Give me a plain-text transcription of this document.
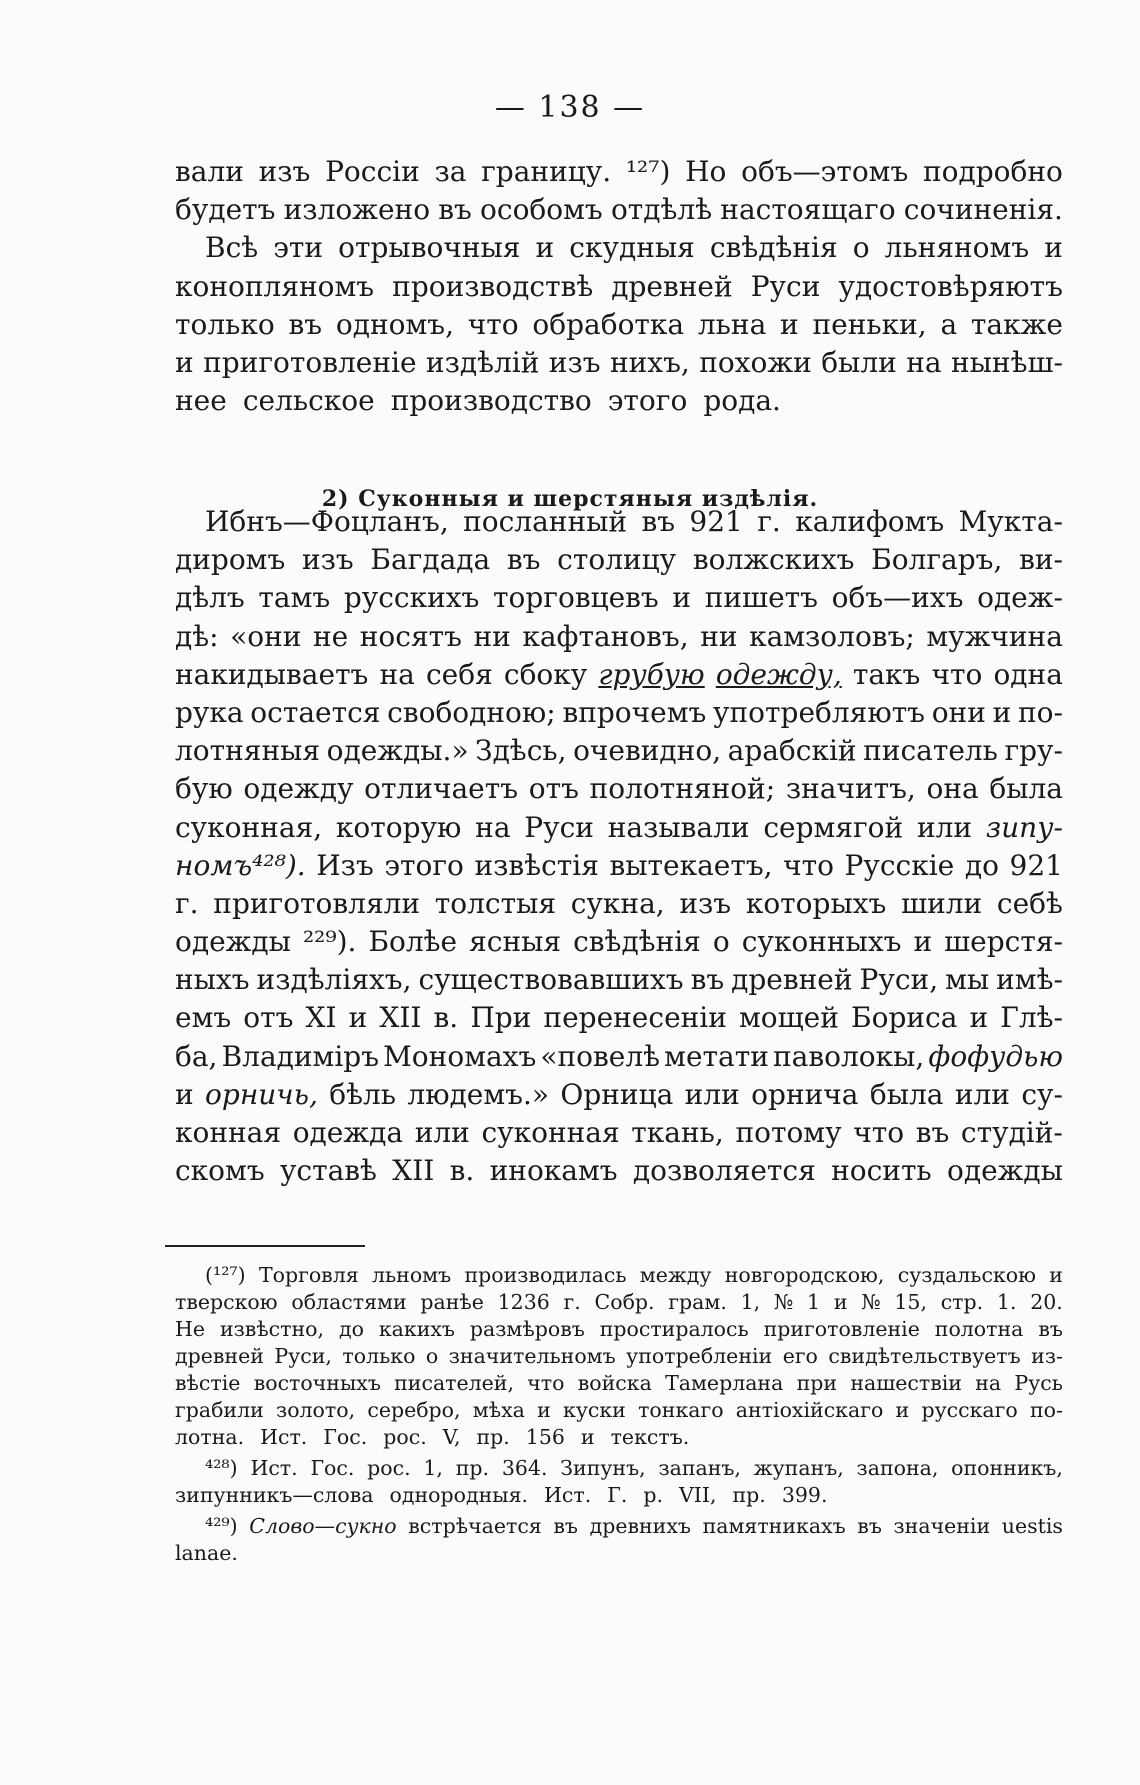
— 138 —
вали изъ Россіи за границу. ¹²⁷) Но объ—этомъ подробно
будетъ изложено въ особомъ отдѣлѣ настоящаго сочиненія.
Всѣ эти отрывочныя и скудныя свѣдѣнія о льняномъ и
конопляномъ производствѣ древней Руси удостовѣряютъ
только въ одномъ, что обработка льна и пеньки, а также
и приготовленіе издѣлій изъ нихъ, похожи были на нынѣш-
нее сельское производство этого рода.
2) Суконныя и шерстяныя издѣлія.
Ибнъ—Фоцланъ, посланный въ 921 г. калифомъ Мукта-
диромъ изъ Багдада въ столицу волжскихъ Болгаръ, ви-
дѣлъ тамъ русскихъ торговцевъ и пишетъ объ—ихъ одеж-
дѣ: «они не носятъ ни кафтановъ, ни камзоловъ; мужчина
накидываетъ на себя сбоку грубую одежду, такъ что одна
рука остается свободною; впрочемъ употребляютъ они и по-
лотняныя одежды.» Здѣсь, очевидно, арабскій писатель гру-
бую одежду отличаетъ отъ полотняной; значитъ, она была
суконная, которую на Руси называли сермягой или зипу-
номъ⁴²⁸). Изъ этого извѣстія вытекаетъ, что Русскіе до 921
г. приготовляли толстыя сукна, изъ которыхъ шили себѣ
одежды ²²⁹). Болѣе ясныя свѣдѣнія о суконныхъ и шерстя-
ныхъ издѣліяхъ, существовавшихъ въ древней Руси, мы имѣ-
емъ отъ XI и XII в. При перенесеніи мощей Бориса и Глѣ-
ба, Владиміръ Мономахъ «повелѣ метати паволокы, фофудью
и орничь, бѣль людемъ.» Орница или орнича была или су-
конная одежда или суконная ткань, потому что въ студій-
скомъ уставѣ XII в. инокамъ дозволяется носить одежды
(¹²⁷) Торговля льномъ производилась между новгородскою, суздальскою и
тверскою областями ранѣе 1236 г. Собр. грам. 1, № 1 и № 15, стр. 1. 20.
Не извѣстно, до какихъ размѣровъ простиралось приготовленіе полотна въ
древней Руси, только о значительномъ употребленіи его свидѣтельствуетъ из-
вѣстіе восточныхъ писателей, что войска Тамерлана при нашествіи на Русь
грабили золото, серебро, мѣха и куски тонкаго антіохійскаго и русскаго по-
лотна. Ист. Гос. рос. V, пр. 156 и текстъ.
⁴²⁸) Ист. Гос. рос. 1, пр. 364. Зипунъ, запанъ, жупанъ, запона, опонникъ,
зипунникъ—слова однородныя. Ист. Г. р. VII, пр. 399.
⁴²⁹) Слово—сукно встрѣчается въ древнихъ памятникахъ въ значеніи uestis
lanae.
